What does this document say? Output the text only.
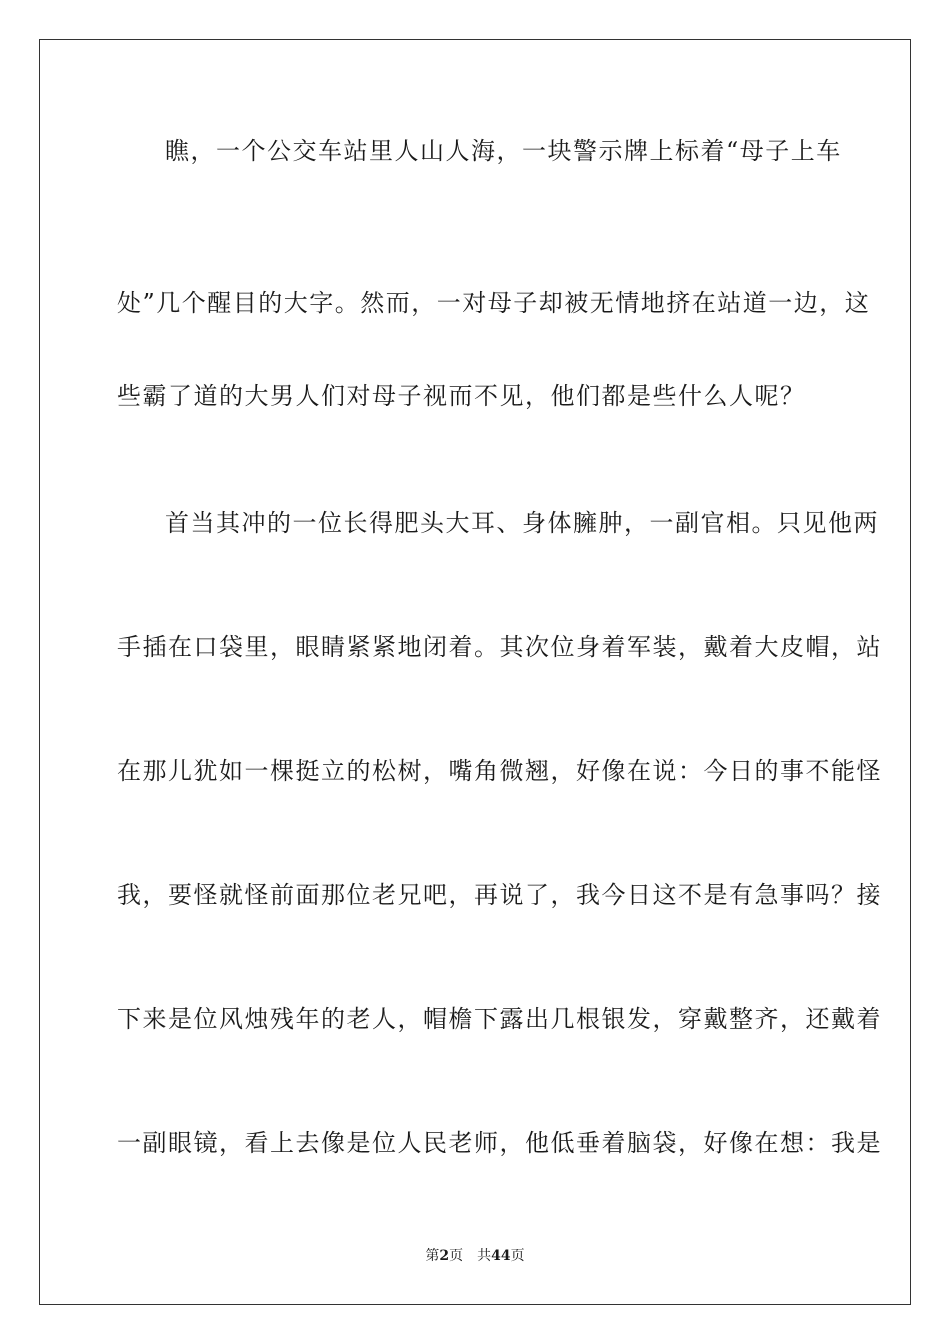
瞧，一个公交车站里人山人海，一块警示牌上标着“母子上车
处”几个醒目的大字。然而，一对母子却被无情地挤在站道一边，这
些霸了道的大男人们对母子视而不见，他们都是些什么人呢？
首当其冲的一位长得肥头大耳、身体臃肿，一副官相。只见他两
手插在口袋里，眼睛紧紧地闭着。其次位身着军装，戴着大皮帽，站
在那儿犹如一棵挺立的松树，嘴角微翘，好像在说：今日的事不能怪
我，要怪就怪前面那位老兄吧，再说了，我今日这不是有急事吗？接
下来是位风烛残年的老人，帽檐下露出几根银发，穿戴整齐，还戴着
一副眼镜，看上去像是位人民老师，他低垂着脑袋，好像在想：我是
第2页 共44页
